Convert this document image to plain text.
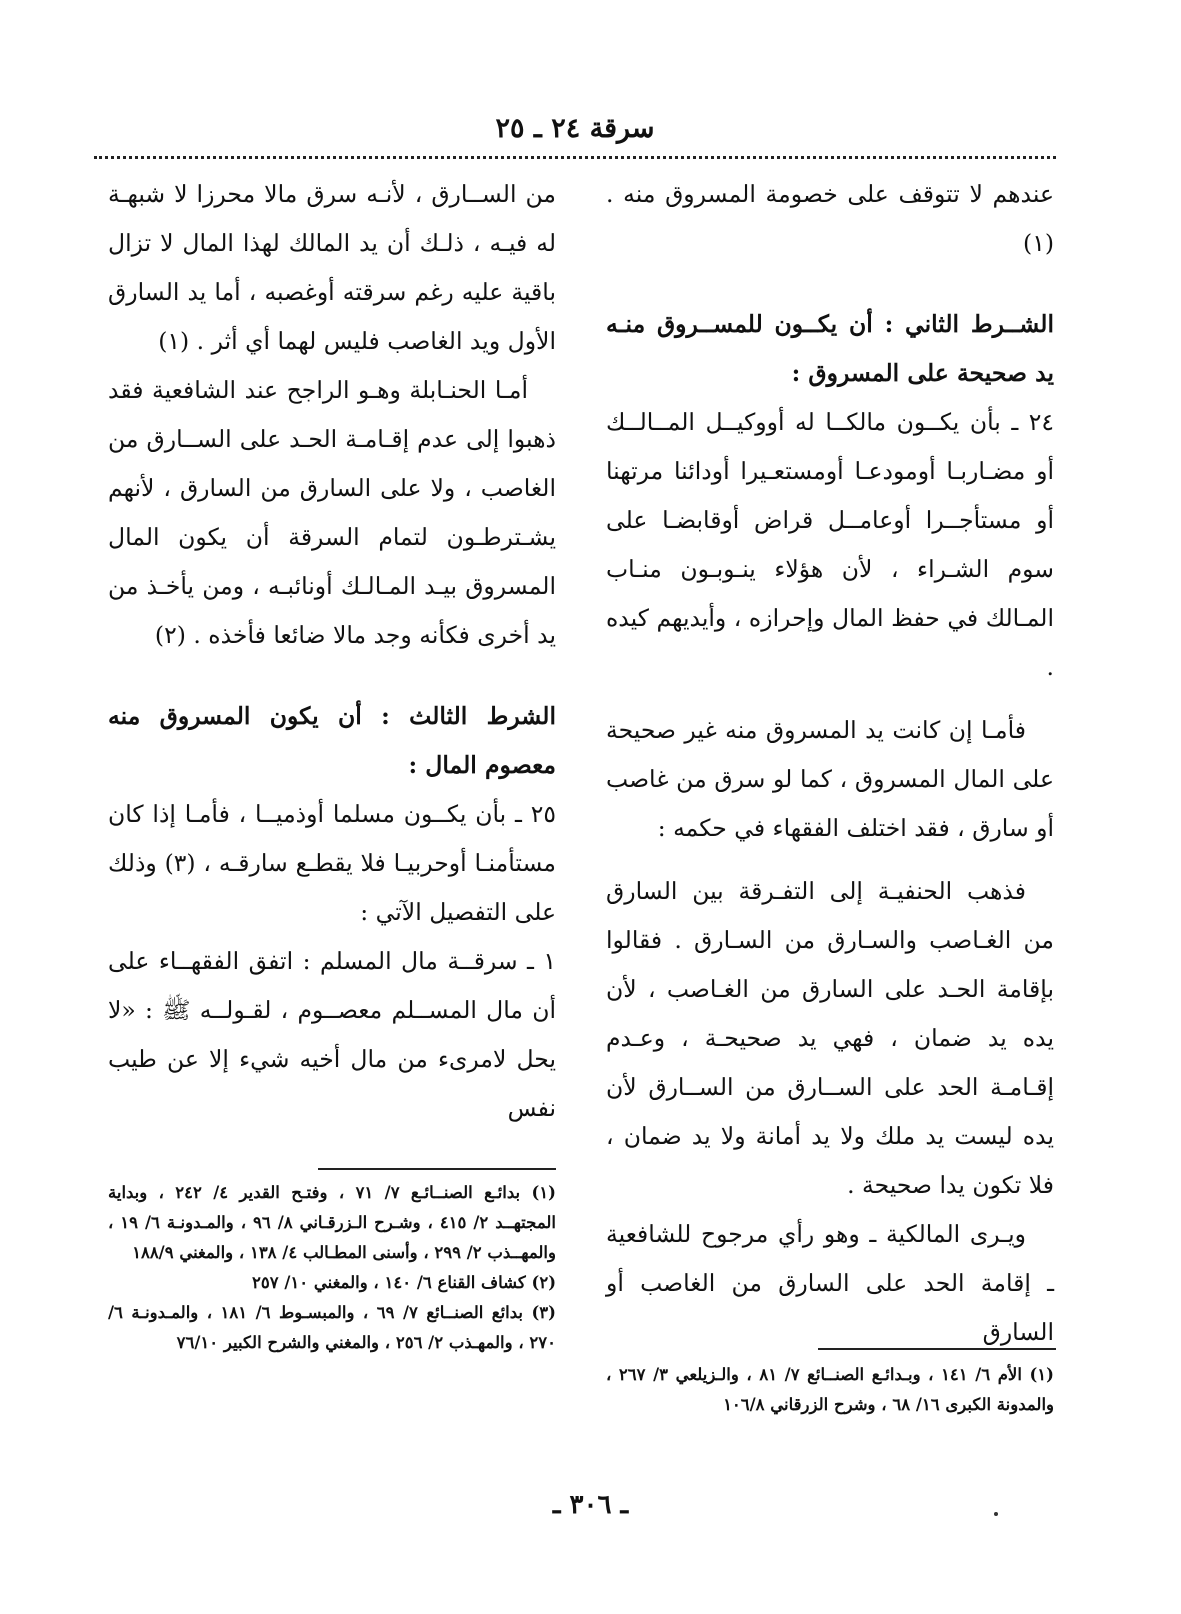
سرقة ٢٤ ـ ٢٥

عندهم لا تتوقف على خصومة المسروق منه . (١)

الشــرط الثاني : أن يكــون للمســروق منـه يد صحيحة على المسروق :

٢٤ ـ بأن يكــون مالكــا له أووكيــل المــالــك أو مضـاربـا أومودعـا أومستعـيرا أودائنا مرتهنا أو مستأجــرا أوعامــل قراض أوقابضـا على سوم الشـراء ، لأن هؤلاء ينـوبـون منـاب المـالك في حفظ المال وإحرازه ، وأيديهم كيده .

فأمـا إن كانت يد المسروق منه غير صحيحة على المال المسروق ، كما لو سرق من غاصب أو سارق ، فقد اختلف الفقهاء في حكمه :

فذهب الحنفيـة إلى التفـرقة بين السارق من الغـاصب والسـارق من السـارق . فقالوا بإقامة الحـد على السارق من الغـاصب ، لأن يده يد ضمان ، فهي يد صحيحـة ، وعـدم إقـامـة الحد على الســارق من الســارق لأن يده ليست يد ملك ولا يد أمانة ولا يد ضمان ، فلا تكون يدا صحيحة .

ويـرى المالكية ـ وهو رأي مرجوح للشافعية ـ إقامة الحد على السارق من الغاصب أو السارق

من الســارق ، لأنـه سرق مالا محرزا لا شبهـة له فيـه ، ذلـك أن يد المالك لهذا المال لا تزال باقية عليه رغم سرقته أوغصبه ، أما يد السارق الأول ويد الغاصب فليس لهما أي أثر . (١)

أمـا الحنـابلة وهـو الراجح عند الشافعية فقد ذهبوا إلى عدم إقـامـة الحـد على الســارق من الغاصب ، ولا على السارق من السارق ، لأنهم يشـترطـون لتمام السرقة أن يكون المال المسروق بيـد المـالـك أونائبـه ، ومن يأخـذ من يد أخرى فكأنه وجد مالا ضائعا فأخذه . (٢)

الشرط الثالث : أن يكون المسروق منه معصوم المال :

٢٥ ـ بأن يكــون مسلما أوذميــا ، فأمـا إذا كان مستأمنـا أوحربيـا فلا يقطـع سارقـه ، (٣) وذلك على التفصيل الآتي :

١ ـ سرقــة مال المسلم : اتفق الفقهــاء على أن مال المســلم معصــوم ، لقـولــه ﷺ : «لا يحل لامرىء من مال أخيه شيء إلا عن طيب نفس

(١) الأم ٦/ ١٤١ ، وبـدائـع الصنــائع ٧/ ٨١ ، والـزيلعي ٣/ ٢٦٧ ، والمدونة الكبرى ١٦/ ٦٨ ، وشرح الزرقاني ١٠٦/٨

(١) بدائـع الصنــائـع ٧/ ٧١ ، وفتـح القدير ٤/ ٢٤٢ ، وبداية المجتهــد ٢/ ٤١٥ ، وشـرح الـزرقـاني ٨/ ٩٦ ، والمـدونـة ٦/ ١٩ ، والمهــذب ٢/ ٢٩٩ ، وأسنى المطـالب ٤/ ١٣٨ ، والمغني ١٨٨/٩

(٢) كشاف القناع ٦/ ١٤٠ ، والمغني ١٠/ ٢٥٧

(٣) بدائع الصنــائع ٧/ ٦٩ ، والمبسـوط ٦/ ١٨١ ، والمـدونـة ٦/ ٢٧٠ ، والمهـذب ٢/ ٢٥٦ ، والمغني والشرح الكبير ٧٦/١٠

ـ ٣٠٦ ـ
